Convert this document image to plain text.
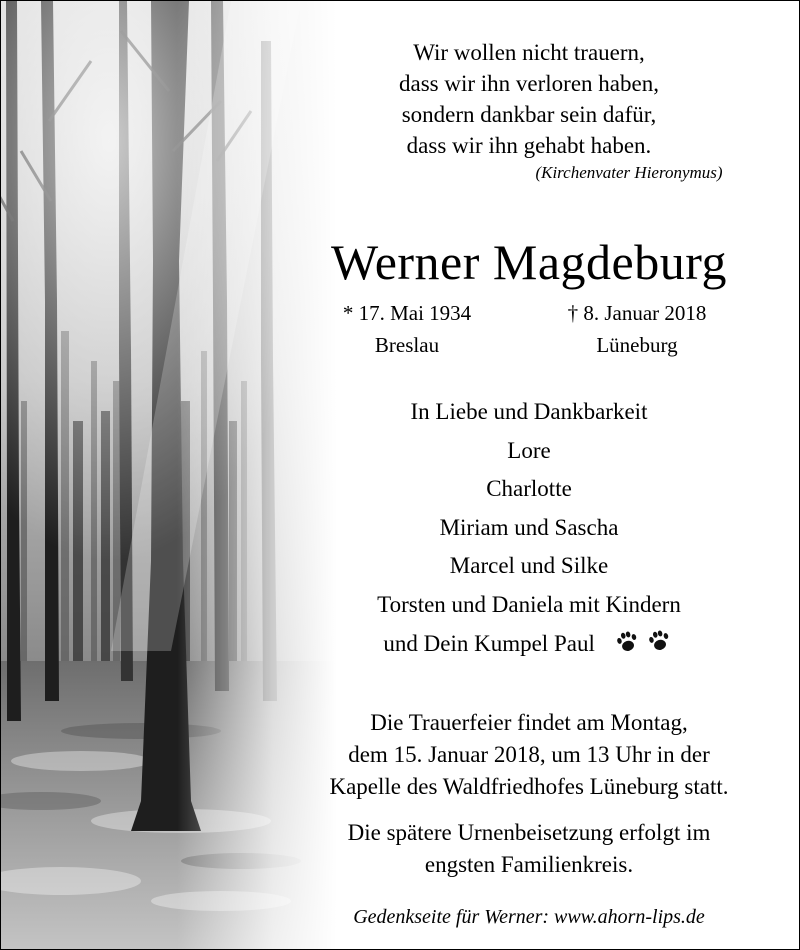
Wir wollen nicht trauern,
dass wir ihn verloren haben,
sondern dankbar sein dafür,
dass wir ihn gehabt haben.
(Kirchenvater Hieronymus)
Werner Magdeburg
* 17. Mai 1934
Breslau
† 8. Januar 2018
Lüneburg
In Liebe und Dankbarkeit
Lore
Charlotte
Miriam und Sascha
Marcel und Silke
Torsten und Daniela mit Kindern
und Dein Kumpel Paul
Die Trauerfeier findet am Montag,
dem 15. Januar 2018, um 13 Uhr in der
Kapelle des Waldfriedhofes Lüneburg statt.
Die spätere Urnenbeisetzung erfolgt im
engsten Familienkreis.
Gedenkseite für Werner: www.ahorn-lips.de
